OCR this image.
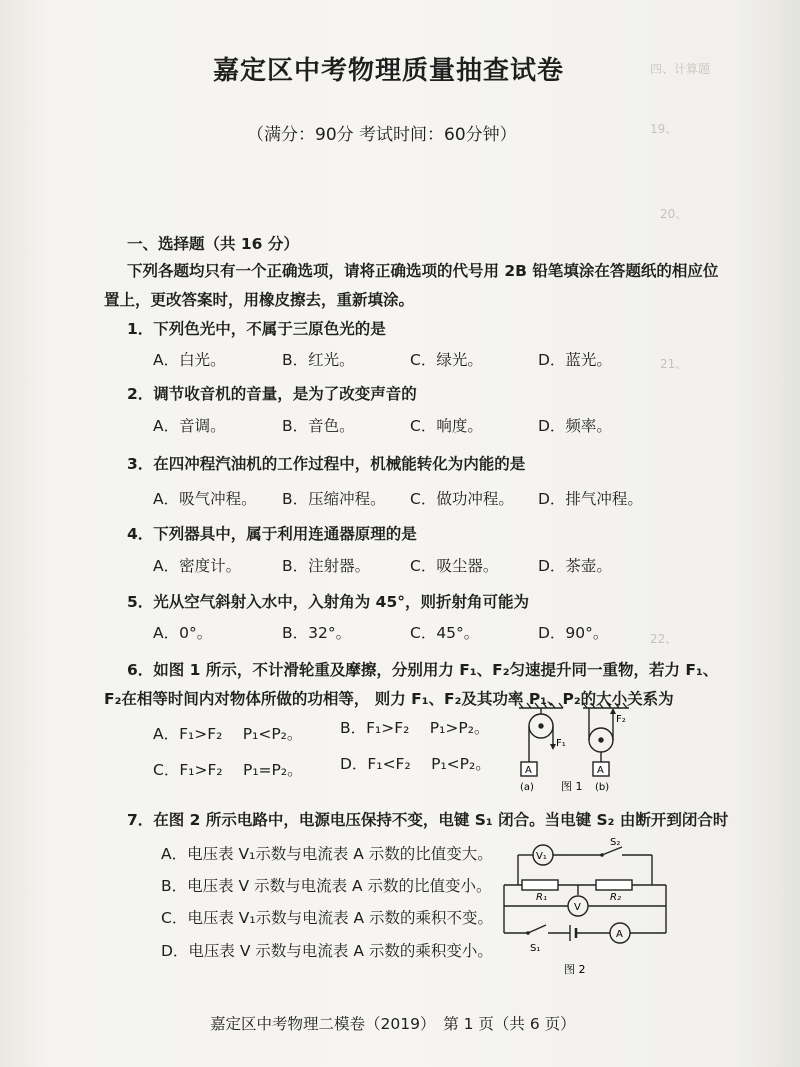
四、计算题
19、
20、
21、
22、
嘉定区中考物理质量抽查试卷
（满分：90分 考试时间：60分钟）
一、选择题（共 16 分）
下列各题均只有一个正确选项，请将正确选项的代号用 2B 铅笔填涂在答题纸的相应位
置上，更改答案时，用橡皮擦去，重新填涂。
1．下列色光中，不属于三原色光的是
A．白光。	B．红光。	C．绿光。	D．蓝光。
2．调节收音机的音量，是为了改变声音的
A．音调。	B．音色。	C．响度。	D．频率。
3．在四冲程汽油机的工作过程中，机械能转化为内能的是
A．吸气冲程。 B．压缩冲程。 C．做功冲程。 D．排气冲程。
4．下列器具中，属于利用连通器原理的是
A．密度计。	B．注射器。	C．吸尘器。	D．茶壶。
5．光从空气斜射入水中，入射角为 45°，则折射角可能为
A．0°。	B．32°。	C．45°。	D．90°。
6．如图 1 所示，不计滑轮重及摩擦，分别用力 F₁、F₂匀速提升同一重物，若力 F₁、
F₂在相等时间内对物体所做的功相等， 则力 F₁、F₂及其功率 P₁、P₂的大小关系为
A．F₁>F₂　 P₁<P₂。 B．F₁>F₂　 P₁>P₂。
C．F₁>F₂　 P₁=P₂。 D．F₁<F₂　 P₁<P₂。	A	A
F₁
F₂
(a) 图 1 (b)
7．在图 2 所示电路中，电源电压保持不变，电键 S₁ 闭合。当电键 S₂ 由断开到闭合时
A．电压表 V₁示数与电流表 A 示数的比值变大。
B．电压表 V 示数与电流表 A 示数的比值变小。
C．电压表 V₁示数与电流表 A 示数的乘积不变。
D．电压表 V 示数与电流表 A 示数的乘积变小。
V₁
V
A
R₁	R₂
S₁
S₂
图 2
嘉定区中考物理二模卷（2019）　第 1 页（共 6 页）
